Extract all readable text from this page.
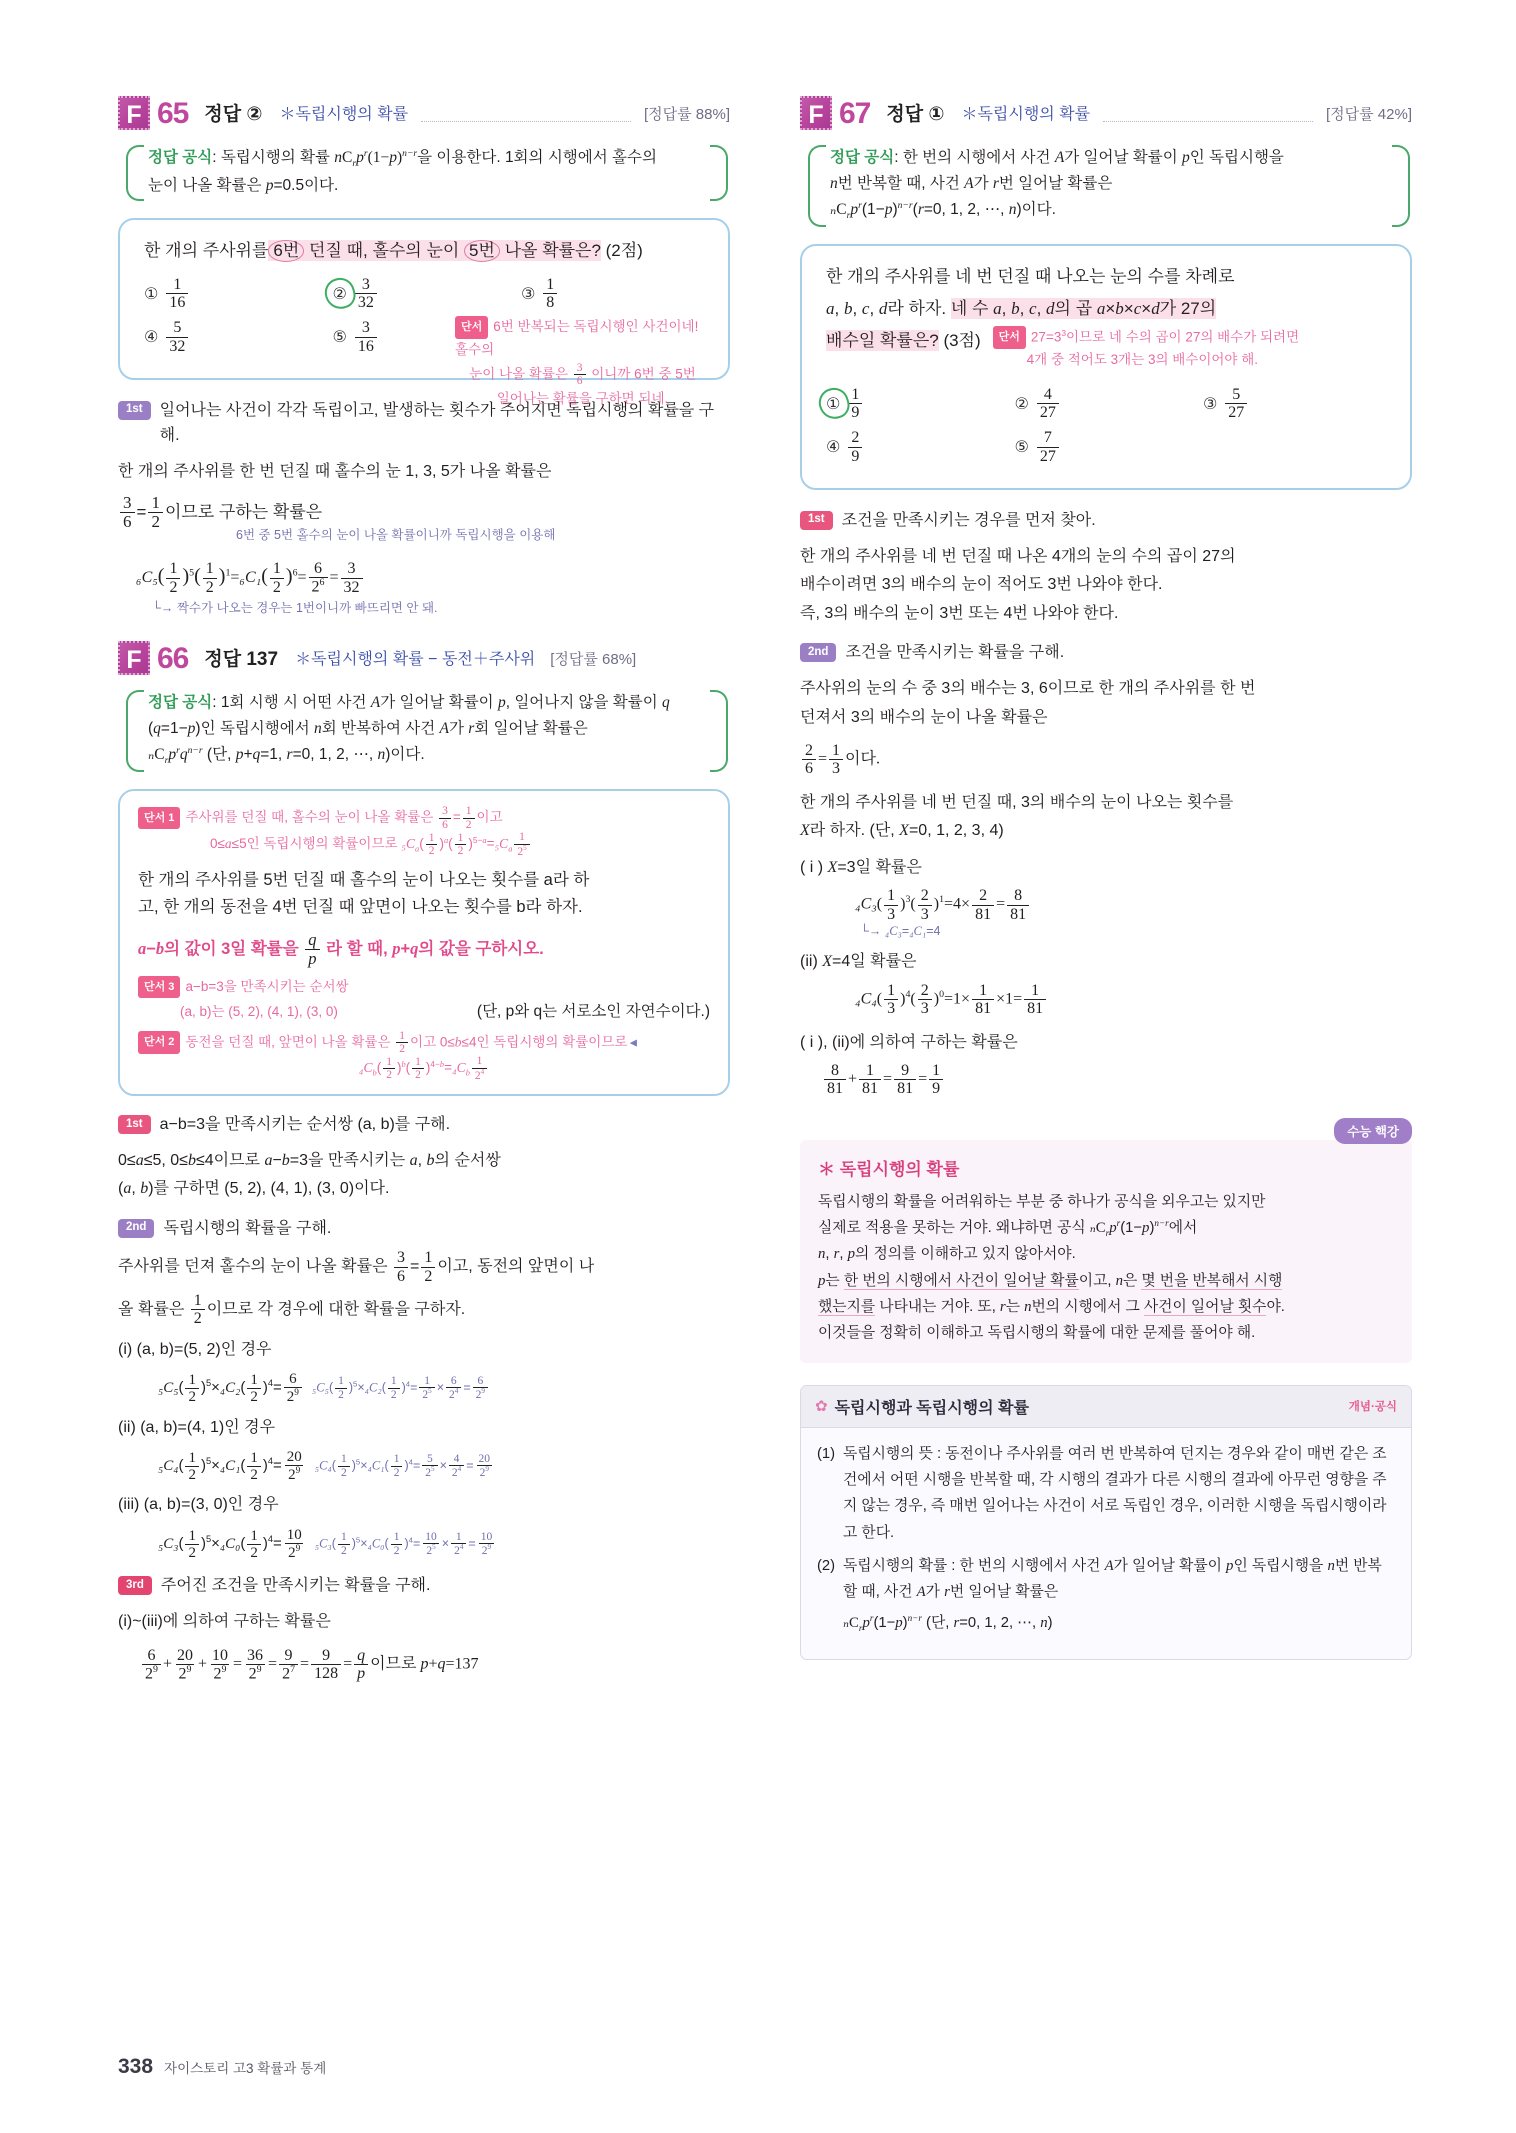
F 65 정답 ② ＊독립시행의 확률	[정답률 88%]

정답 공식: 독립시행의 확률 $nC_rp^r(1-p)^{n-r}$을 이용한다. 1회의 시행에서 홀수의

눈이 나올 확률은 p=0.5이다.

한 개의 주사위를 6번 던질 때, 홀수의 눈이 5번 나올 확률은? (2점)

① $\frac{1}{16}$	② $\frac{3}{32}$	③ $\frac{1}{8}$
④ $\frac{5}{32}$	⑤ $\frac{3}{16}$	단서 6번 반복되는 독립시행인 사건이네! 홀수의
눈이 나올 확률은 $\frac{3}{6}$ 이니까 6번 중 5번
일어나는 확률을 구하면 되네.
1st	일어나는 사건이 각각 독립이고, 발생하는 횟수가 주어지면 독립시행의 확률을 구해.

한 개의 주사위를 한 번 던질 때 홀수의 눈 1, 3, 5가 나올 확률은

$\frac{3}{6} = \frac{1}{2}$ 이므로 구하는 확률은
6번 중 5번 홀수의 눈이 나올 확률이니까 독립시행을 이용해
$_6C_5( \frac{1}{2} )^5( \frac{1}{2} )^1=_6C_1( \frac{1}{2} )^6= \frac{6}{2^6} = \frac{3}{32}$
└→ 짝수가 나오는 경우는 1번이니까 빠뜨리면 안 돼.
F 66 정답 137 ＊독립시행의 확률 − 동전＋주사위 [정답률 68%]

정답 공식: 1회 시행 시 어떤 사건 A가 일어날 확률이 p, 일어나지 않을 확률이 q

(q=1−p)인 독립시행에서 n회 반복하여 사건 A가 r회 일어날 확률은

$_nC_rp^rq^{n-r}$ (단, p+q=1, r=0, 1, 2, ⋯, n)이다.

단서 1 주사위를 던질 때, 홀수의 눈이 나올 확률은 $\frac{3}{6} = \frac{1}{2}$ 이고
0≤a≤5인 독립시행의 확률이므로 $_5C_a( \frac{1}{2} )^a( \frac{1}{2} )^{5-a}=_5C_a \frac{1}{2^5}$
한 개의 주사위를 5번 던질 때 홀수의 눈이 나오는 횟수를 a라 하
고, 한 개의 동전을 4번 던질 때 앞면이 나오는 횟수를 b라 하자.
a−b의 값이 3일 확률을 $\frac{q}{p}$ 라 할 때, p+q의 값을 구하시오.
단서 3 a−b=3을 만족시키는 순서쌍
(a, b)는 (5, 2), (4, 1), (3, 0)	(단, p와 q는 서로소인 자연수이다.)
단서 2 동전을 던질 때, 앞면이 나올 확률은 $\frac{1}{2}$ 이고 0≤b≤4인 독립시행의 확률이므로◄
$_4C_b( \frac{1}{2} )^b( \frac{1}{2} )^{4-b}=_4C_b \frac{1}{2^4}$
1st	a−b=3을 만족시키는 순서쌍 (a, b)를 구해.

0≤a≤5, 0≤b≤4이므로 a−b=3을 만족시키는 a, b의 순서쌍

(a, b)를 구하면 (5, 2), (4, 1), (3, 0)이다.

2nd	독립시행의 확률을 구해.

주사위를 던져 홀수의 눈이 나올 확률은 $\frac{3}{6} = \frac{1}{2}$ 이고, 동전의 앞면이 나

올 확률은 $\frac{1}{2}$ 이므로 각 경우에 대한 확률을 구하자.

(i) (a, b)=(5, 2)인 경우

$_5C_5( \frac{1}{2} )^5\times_4C_2( \frac{1}{2} )^4= \frac{6}{2^9} _5C_5( \frac{1}{2} )^5\times_4C_2( \frac{1}{2} )^4= \frac{1}{2^5} \times \frac{6}{2^4} = \frac{6}{2^9}$

(ii) (a, b)=(4, 1)인 경우

$_5C_4( \frac{1}{2} )^5\times_4C_1( \frac{1}{2} )^4= \frac{20}{2^9} _5C_4( \frac{1}{2} )^5\times_4C_1( \frac{1}{2} )^4= \frac{5}{2^5} \times \frac{4}{2^4} = \frac{20}{2^9}$

(iii) (a, b)=(3, 0)인 경우

$_5C_3( \frac{1}{2} )^5\times_4C_0( \frac{1}{2} )^4= \frac{10}{2^9} _5C_3( \frac{1}{2} )^5\times_4C_0( \frac{1}{2} )^4= \frac{10}{2^5} \times \frac{1}{2^4} = \frac{10}{2^9}$
3rd	주어진 조건을 만족시키는 확률을 구해.

(i)~(iii)에 의하여 구하는 확률은

$\frac{6}{2^9} + \frac{20}{2^9} + \frac{10}{2^9} = \frac{36}{2^9} = \frac{9}{2^7} = \frac{9}{128} = \frac{q}{p}$ 이므로 p+q=137
F 67 정답 ① ＊독립시행의 확률	[정답률 42%]

정답 공식: 한 번의 시행에서 사건 A가 일어날 확률이 p인 독립시행을

n번 반복할 때, 사건 A가 r번 일어날 확률은

$_nC_rp^r(1-p)^{n-r}(r=0$, 1, 2, ⋯, n)이다.

한 개의 주사위를 네 번 던질 때 나오는 눈의 수를 차례로

a, b, c, d라 하자. 네 수 a, b, c, d의 곱 a×b×c×d가 27의

배수일 확률은? (3점)	단서 $27=3^3$이므로 네 수의 곱이 27의 배수가 되려면
4개 중 적어도 3개는 3의 배수이어야 해.
① $\frac{1}{9}$	② $\frac{4}{27}$	③ $\frac{5}{27}$
④ $\frac{2}{9}$	⑤ $\frac{7}{27}$
1st	조건을 만족시키는 경우를 먼저 찾아.

한 개의 주사위를 네 번 던질 때 나온 4개의 눈의 수의 곱이 27의

배수이려면 3의 배수의 눈이 적어도 3번 나와야 한다.

즉, 3의 배수의 눈이 3번 또는 4번 나와야 한다.

2nd	조건을 만족시키는 확률을 구해.

주사위의 눈의 수 중 3의 배수는 3, 6이므로 한 개의 주사위를 한 번

던져서 3의 배수의 눈이 나올 확률은

$\frac{2}{6} = \frac{1}{3}$ 이다.

한 개의 주사위를 네 번 던질 때, 3의 배수의 눈이 나오는 횟수를

X라 하자. (단, X=0, 1, 2, 3, 4)

( i ) X=3일 확률은

$_4C_3( \frac{1}{3} )^3( \frac{2}{3} )^1=4\times \frac{2}{81} = \frac{8}{81}$
└→ ₄C₃=₄C₁=4

(ii) X=4일 확률은

$_4C_4( \frac{1}{3} )^4( \frac{2}{3} )^0=1\times \frac{1}{81} \times 1= \frac{1}{81}$

( i ), (ii)에 의하여 구하는 확률은

$\frac{8}{81} + \frac{1}{81} = \frac{9}{81} = \frac{1}{9}$
수능 핵강
＊ 독립시행의 확률

독립시행의 확률을 어려워하는 부분 중 하나가 공식을 외우고는 있지만

실제로 적용을 못하는 거야. 왜냐하면 공식 $_nC_rp^r(1-p)^{n-r}$에서

n, r, p의 정의를 이해하고 있지 않아서야.

p는 한 번의 시행에서 사건이 일어날 확률이고, n은 몇 번을 반복해서 시행

했는지를 나타내는 거야. 또, r는 n번의 시행에서 그 사건이 일어날 횟수야.

이것들을 정확히 이해하고 독립시행의 확률에 대한 문제를 풀어야 해.

✿ 독립시행과 독립시행의 확률	개념·공식
(1) 독립시행의 뜻 : 동전이나 주사위를 여러 번 반복하여 던지는 경우와 같이 매번 같은 조건에서 어떤 시행을 반복할 때, 각 시행의 결과가 다른 시행의 결과에 아무런 영향을 주지 않는 경우, 즉 매번 일어나는 사건이 서로 독립인 경우, 이러한 시행을 독립시행이라고 한다.
(2) 독립시행의 확률 : 한 번의 시행에서 사건 A가 일어날 확률이 p인 독립시행을 n번 반복할 때, 사건 A가 r번 일어날 확률은
$_nC_rp^r(1-p)^{n-r}$ (단, r=0, 1, 2, ⋯, n)
338 자이스토리 고3 확률과 통계
